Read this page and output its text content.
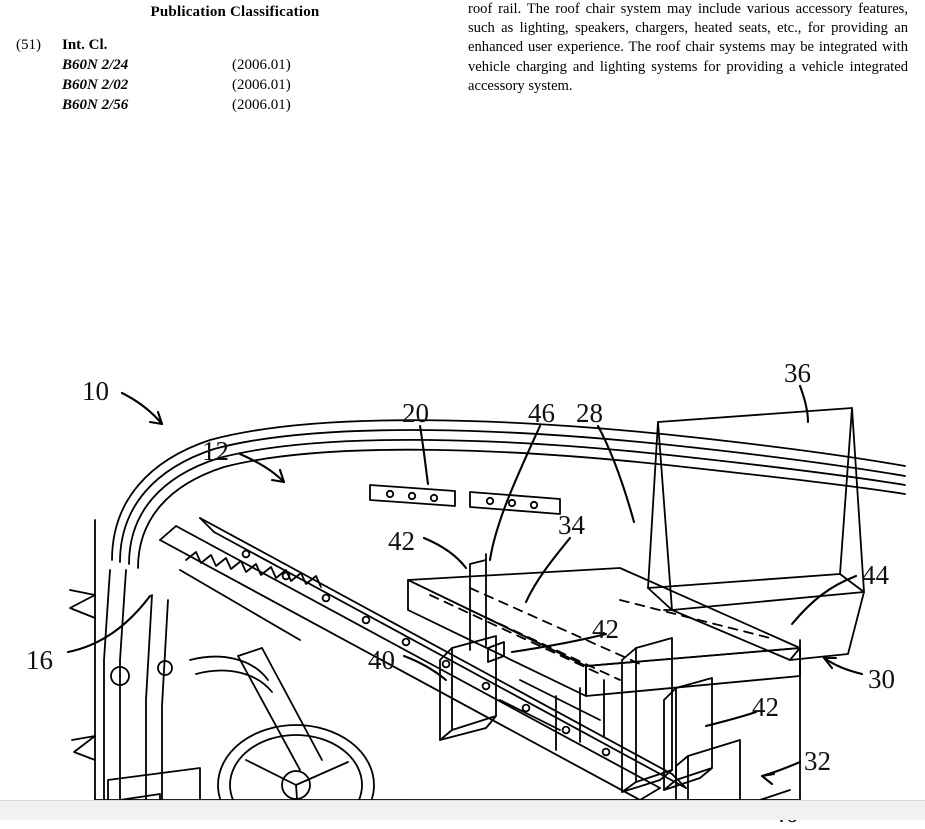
Publication Classification
(51)	Int. Cl.
B60N 2/24	(2006.01)
B60N 2/02	(2006.01)
B60N 2/56	(2006.01)

roof rail. The roof chair system may include various accessory features, such as lighting, speakers, chargers, heated seats, etc., for providing an enhanced user experience. The roof chair systems may be integrated with vehicle charging and lighting systems for providing a vehicle integrated accessory system.

10
12
20	46 28
36
42
34
44
16	40
42
30
42
32
